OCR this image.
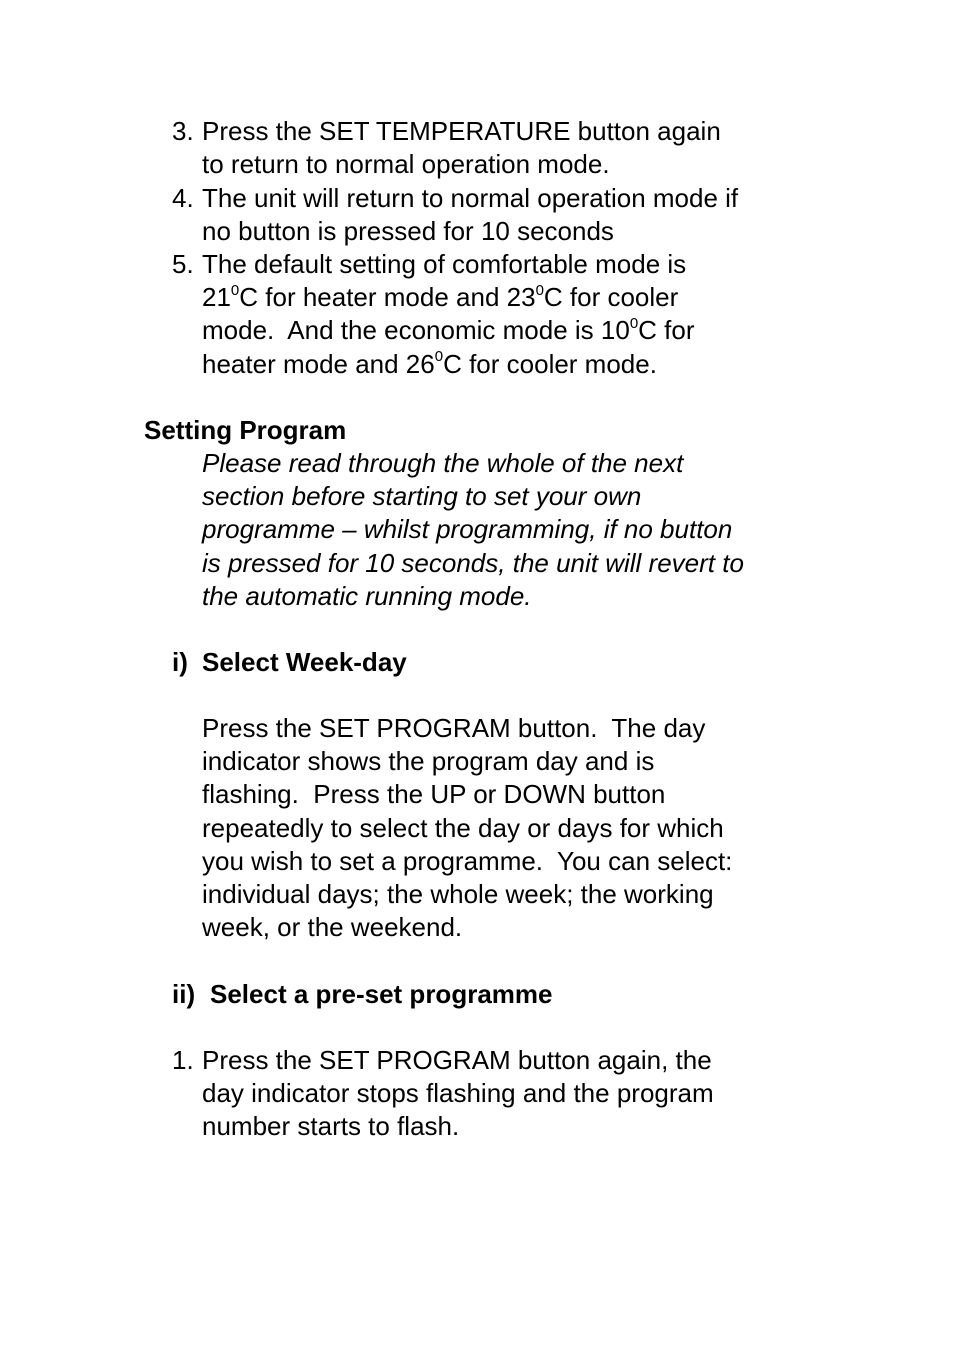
3. Press the SET TEMPERATURE button again
to return to normal operation mode.
4. The unit will return to normal operation mode if
no button is pressed for 10 seconds
5. The default setting of comfortable mode is
$21^0C$ for heater mode and $23^0C$ for cooler
mode.  And the economic mode is $10^0C$ for
heater mode and $26^0C$ for cooler mode.
Setting Program
Please read through the whole of the next
section before starting to set your own
programme – whilst programming, if no button
is pressed for 10 seconds, the unit will revert to
the automatic running mode.
i) Select Week-day
Press the SET PROGRAM button.  The day
indicator shows the program day and is
flashing.  Press the UP or DOWN button
repeatedly to select the day or days for which
you wish to set a programme.  You can select:
individual days; the whole week; the working
week, or the weekend.
ii) Select a pre-set programme
1. Press the SET PROGRAM button again, the
day indicator stops flashing and the program
number starts to flash.
